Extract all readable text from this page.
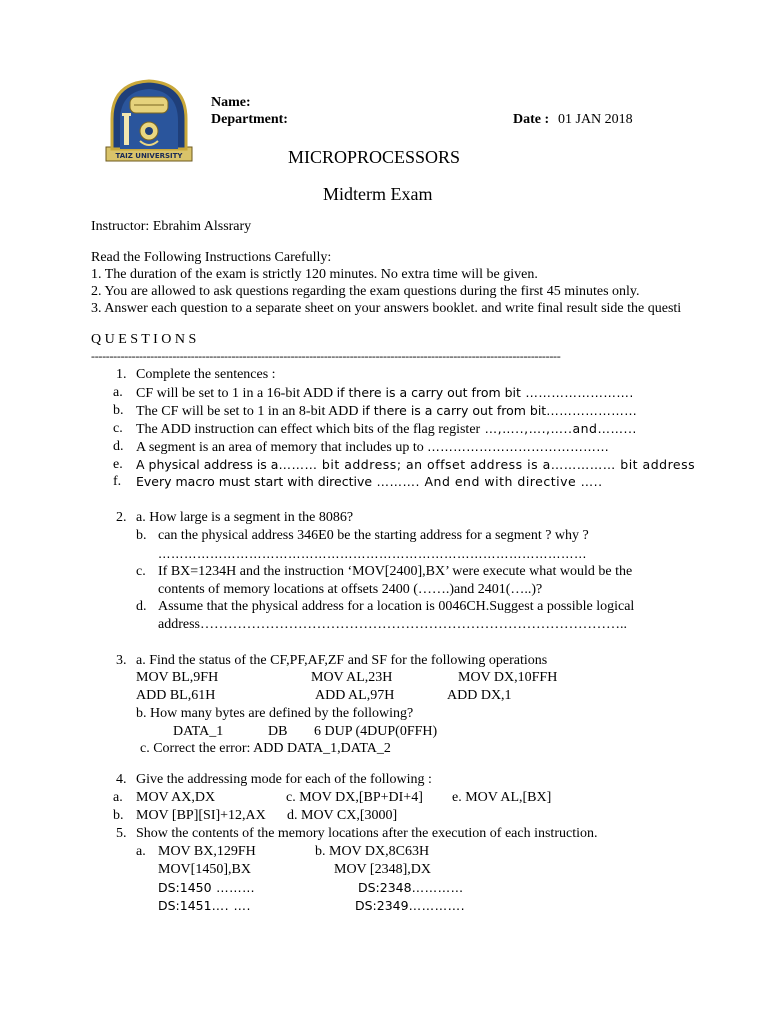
TAIZ UNIVERSITY
Name:
Department:	Date : 01 JAN 2018
MICROPROCESSORS
Midterm Exam
Instructor: Ebrahim Alssrary
Read the Following Instructions Carefully:
1. The duration of the exam is strictly 120 minutes. No extra time will be given.
2. You are allowed to ask questions regarding the exam questions during the first 45 minutes only.
3. Answer each question to a separate sheet on your answers booklet. and write final result side the questi
Q U E S T I O N S
-------------------------------------------------------------------------------------------------------------------------------
1. Complete the sentences :
a. CF will be set to 1 in a 16-bit ADD if there is a carry out from bit …………………….
b. The CF will be set to 1 in an 8-bit ADD if there is a carry out from bit…………………
c. The ADD instruction can effect which bits of the flag register …,…..,….,…..and……...
d. A segment is an area of memory that includes up to ……………………………………
e. A physical address is a……… bit address; an offset address is a…………… bit address
f. Every macro must start with directive ………. And end with directive …..
2. a. How large is a segment in the 8086?
b. can the physical address 346E0 be the starting address for a segment ? why ?
………………………………………………………………………………………
c. If BX=1234H and the instruction ‘MOV[2400],BX’ were execute what would be the
contents of memory locations at offsets 2400 (…….)and 2401(…..)?
d. Assume that the physical address for a location is 0046CH.Suggest a possible logical
address………………………………………………………………………………..
3. a. Find the status of the CF,PF,AF,ZF and SF for the following operations
MOV BL,9FH	MOV AL,23H	MOV DX,10FFH
ADD BL,61H	ADD AL,97H	ADD DX,1
b. How many bytes are defined by the following?
DATA_1	DB 6 DUP (4DUP(0FFH)
c. Correct the error: ADD DATA_1,DATA_2
4. Give the addressing mode for each of the following :
a. MOV AX,DX	c. MOV DX,[BP+DI+4] e. MOV AL,[BX]
b. MOV [BP][SI]+12,AX d. MOV CX,[3000]
5. Show the contents of the memory locations after the execution of each instruction.
a. MOV BX,129FH	b. MOV DX,8C63H
MOV[1450],BX	MOV [2348],DX
DS:1450 ………	DS:2348…………
DS:1451…. ….	DS:2349………….
